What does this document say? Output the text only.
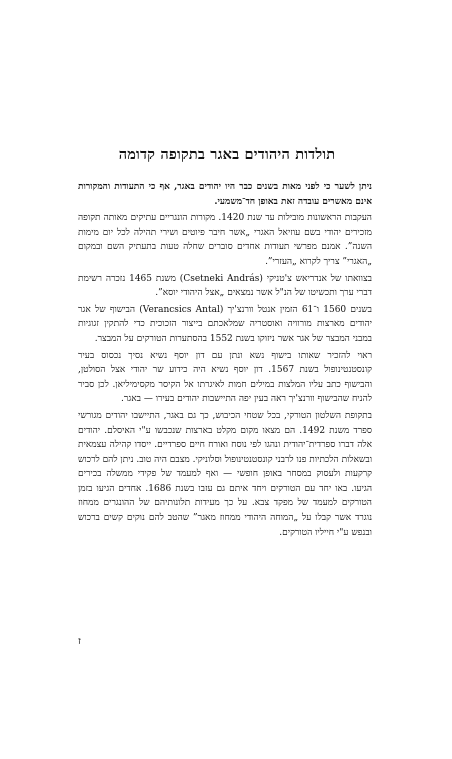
תולדות היהודים באגר בתקופה קדומה

ניתן לשער כי לפני מאות בשנים כבר היו יהודים באגר, אף כי התעודות והמקורות אינם מאשרים עובדה זאת באופן חד־משמעי.

העקבות הראשונות מובילות עד שנת 1420. מקורות הונגריים עתיקים מאותה תקופה מזכירים יהודי בשם עוזיאל האגרי „אשר חיבר פיוטים ושירי תהילה לכל יום מימות השנה”. אמנם מפרשי תעודות אחדים סוברים שחלה טעות בתעתיק השם ובמקום „האגרי” צריך לקרוא „העזרי”.

בצוואתו של אנדריאש צ'טניקי (Csetneki András) משנת 1465 נזכרה רשימת דברי ערך ותכשיטו של הנ"ל אשר נמצאים „אצל היהודי יוסא”.

בשנים 1560 ו־61 הזמין אנטל וורנצ'יך (Verancsics Antal) הבישוף של אגר יהודים מארצות מורוויה ואוסטריה שמלאכתם בייצור הזכוכית כדי להתקין זגוגיות במבני המבצר של אגר אשר ניזוקו בשנת 1552 בהסתערות הטורקים על המבצר.

ראוי להזכיר שאותו בישוף נשא ונתן עם דון יוסף נשיא נסיך נכסוס בעיר קונסטנטינופול בשנת 1567. דון יוסף נשיא היה כידוע שר יהודי אצל הסולטן, והבישוף כתב עליו המלצות במילים חמות לאיגרתו אל הקיסר מקסימיליאן. לכן סביר להניח שהבישוף וורנצ'יך ראה בעין יפה התיישבות יהודים בעירו — באגר.

בתקופת השלטון הטורקי, בכל שטחי הכיבוש, כך גם באגר, התיישבו יהודים מגורשי ספרד משנת 1492. הם מצאו מקום מקלט בארצות שנכבשו ע"י האיסלם. יהודים אלה דברו ספרדית־יהודית ונהגו לפי נוסח ואורח חיים ספרדיים. ייסדו קהילה עצמאית ובשאלות הלכתיות פנו לרבני קונסטנטינופול וסלוניקי. מצבם היה טוב. ניתן להם לרכוש קרקעות ולעסוק במסחר באופן חופשי — ואף למעמד של פקידי ממשלה בכירים הגיעו. באו יחד עם הטורקים ויחד איתם גם עזבו בשנת 1686. אחדים הגיעו בזמן הטורקים למעמד של מפקד צבא. על כך מעידות תלונותיהם של ההונגרים ממחוז נוגרד אשר קבלו על „המוחה היהודי ממחוז מאגר” שהטב להם נוקים קשים ברכוש ובנפש ע"י חייליו הטורקים.

ז
